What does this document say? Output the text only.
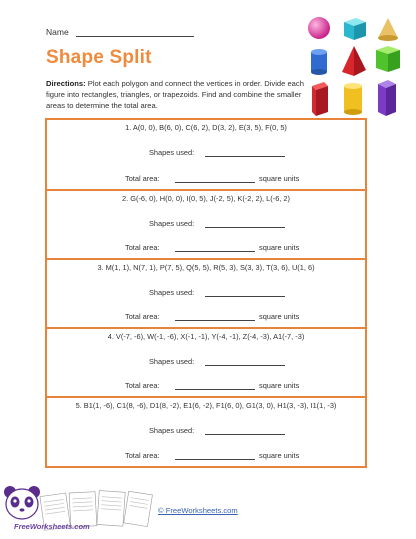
Name
Shape Split
Directions: Plot each polygon and connect the vertices in order. Divide each figure into rectangles, triangles, or trapezoids. Find and combine the smaller areas to determine the total area.
1. A(0, 0), B(6, 0), C(6, 2), D(3, 2), E(3, 5), F(0, 5)
Shapes used:
Total area:	square units
2. G(-6, 0), H(0, 0), I(0, 5), J(-2, 5), K(-2, 2), L(-6, 2)
Shapes used:
Total area:	square units
3. M(1, 1), N(7, 1), P(7, 5), Q(5, 5), R(5, 3), S(3, 3), T(3, 6), U(1, 6)
Shapes used:
Total area:	square units
4. V(-7, -6), W(-1, -6), X(-1, -1), Y(-4, -1), Z(-4, -3), A1(-7, -3)
Shapes used:
Total area:	square units
5. B1(1, -6), C1(8, -6), D1(8, -2), E1(6, -2), F1(6, 0), G1(3, 0), H1(3, -3), I1(1, -3)
Shapes used:
Total area:	square units
FreeWorksheets.com
© FreeWorksheets.com
